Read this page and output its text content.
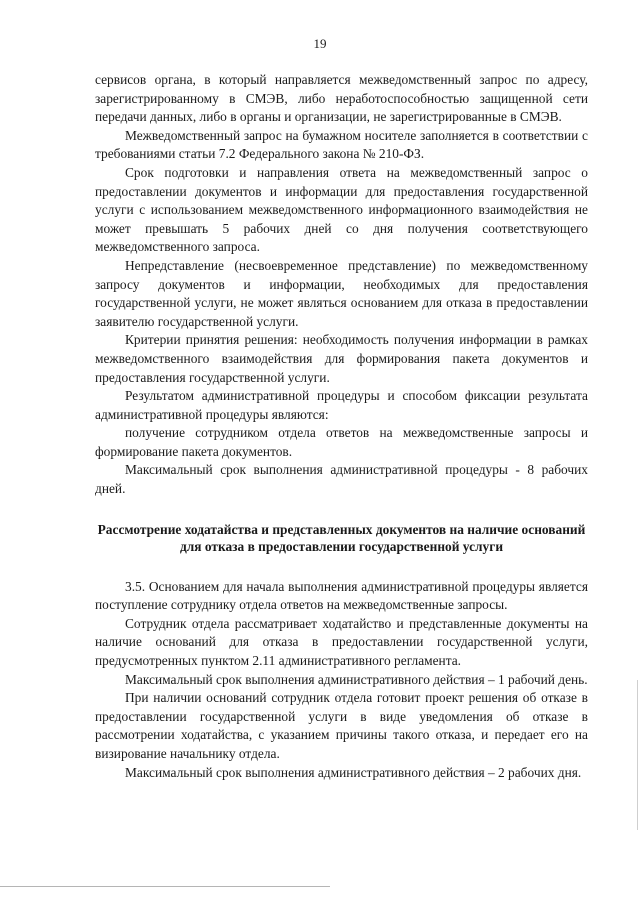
19

сервисов органа, в который направляется межведомственный запрос по адресу, зарегистрированному в СМЭВ, либо неработоспособностью защищенной сети передачи данных, либо в органы и организации, не зарегистрированные в СМЭВ.

Межведомственный запрос на бумажном носителе заполняется в соответствии с требованиями статьи 7.2 Федерального закона № 210-ФЗ.

Срок подготовки и направления ответа на межведомственный запрос о предоставлении документов и информации для предоставления государственной услуги с использованием межведомственного информационного взаимодействия не может превышать 5 рабочих дней со дня получения соответствующего межведомственного запроса.

Непредставление (несвоевременное представление) по межведомственному запросу документов и информации, необходимых для предоставления государственной услуги, не может являться основанием для отказа в предоставлении заявителю государственной услуги.

Критерии принятия решения: необходимость получения информации в рамках межведомственного взаимодействия для формирования пакета документов и предоставления государственной услуги.

Результатом административной процедуры и способом фиксации результата административной процедуры являются:

получение сотрудником отдела ответов на межведомственные запросы и формирование пакета документов.

Максимальный срок выполнения административной процедуры - 8 рабочих дней.

Рассмотрение ходатайства и представленных документов на наличие оснований для отказа в предоставлении государственной услуги

3.5. Основанием для начала выполнения административной процедуры является поступление сотруднику отдела ответов на межведомственные запросы.

Сотрудник отдела рассматривает ходатайство и представленные документы на наличие оснований для отказа в предоставлении государственной услуги, предусмотренных пунктом 2.11 административного регламента.

Максимальный срок выполнения административного действия – 1 рабочий день.

При наличии оснований сотрудник отдела готовит проект решения об отказе в предоставлении государственной услуги в виде уведомления об отказе в рассмотрении ходатайства, с указанием причины такого отказа, и передает его на визирование начальнику отдела.

Максимальный срок выполнения административного действия – 2 рабочих дня.
